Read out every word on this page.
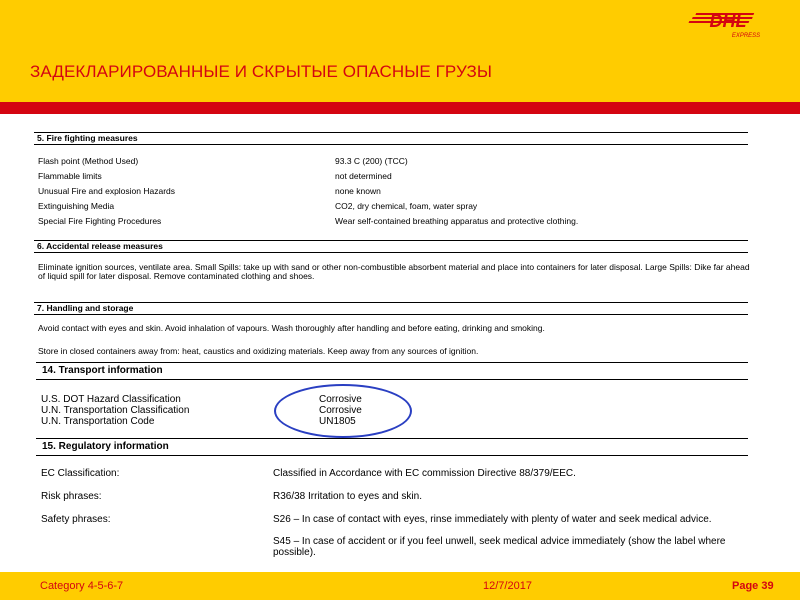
DHL
EXPRESS
ЗАДЕКЛАРИРОВАННЫЕ И СКРЫТЫЕ ОПАСНЫЕ ГРУЗЫ
5. Fire fighting measures
Flash point (Method Used)	93.3 C (200) (TCC)
Flammable limits	not determined
Unusual Fire and explosion Hazards	none known
Extinguishing Media	CO2, dry chemical, foam, water spray
Special Fire Fighting Procedures	Wear self-contained breathing apparatus and protective clothing.
6. Accidental release measures
Eliminate ignition sources, ventilate area. Small Spills: take up with sand or other non-combustible absorbent material and place into containers for later disposal. Large Spills: Dike far ahead of liquid spill for later disposal. Remove contaminated clothing and shoes.
7. Handling and storage
Avoid contact with eyes and skin. Avoid inhalation of vapours. Wash thoroughly after handling and before eating, drinking and smoking.
Store in closed containers away from: heat, caustics and oxidizing materials. Keep away from any sources of ignition.
14. Transport information
U.S. DOT Hazard Classification	Corrosive
U.N. Transportation Classification	Corrosive
U.N. Transportation Code	UN1805
15. Regulatory information
EC Classification:	Classified in Accordance with EC commission Directive 88/379/EEC.
Risk phrases:	R36/38 Irritation to eyes and skin.
Safety phrases:	S26 – In case of contact with eyes, rinse immediately with plenty of water and seek medical advice.
S45 – In case of accident or if you feel unwell, seek medical advice immediately (show the label where possible).
Category 4-5-6-7	12/7/2017	Page 39
